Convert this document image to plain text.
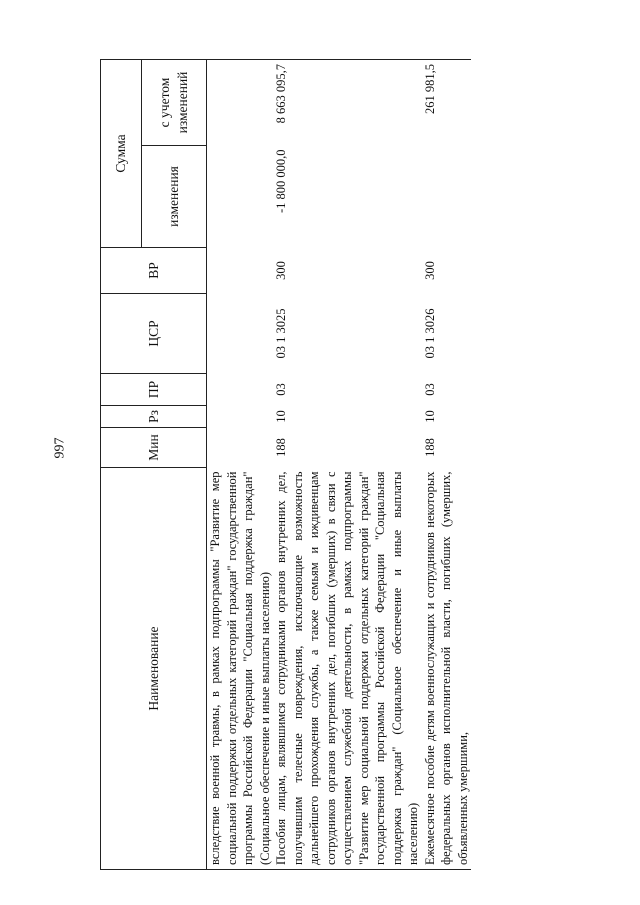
997
Наименование	Мин	Рз	ПР	ЦСР	ВР	Сумма	
						изменения	с учетом изменений
вследствие военной травмы, в рамках подпрограммы "Развитие мер социальной поддержки отдельных категорий граждан" государственной программы Российской Федерации "Социальная поддержка граждан" (Социальное обеспечение и иные выплаты населению)							
Пособия лицам, являвшимся сотрудниками органов внутренних дел, получившим телесные повреждения, исключающие возможность дальнейшего прохождения службы, а также семьям и иждивенцам сотрудников органов внутренних дел, погибших (умерших) в связи с осуществлением служебной деятельности, в рамках подпрограммы "Развитие мер социальной поддержки отдельных категорий граждан" государственной программы Российской Федерации "Социальная поддержка граждан" (Социальное обеспечение и иные выплаты населению)	188	10	03	03 1 3025	300	-1 800 000,0	8 663 095,7
Ежемесячное пособие детям военнослужащих и сотрудников некоторых федеральных органов исполнительной власти, погибших (умерших, объявленных умершими,	188	10	03	03 1 3026	300		261 981,5
